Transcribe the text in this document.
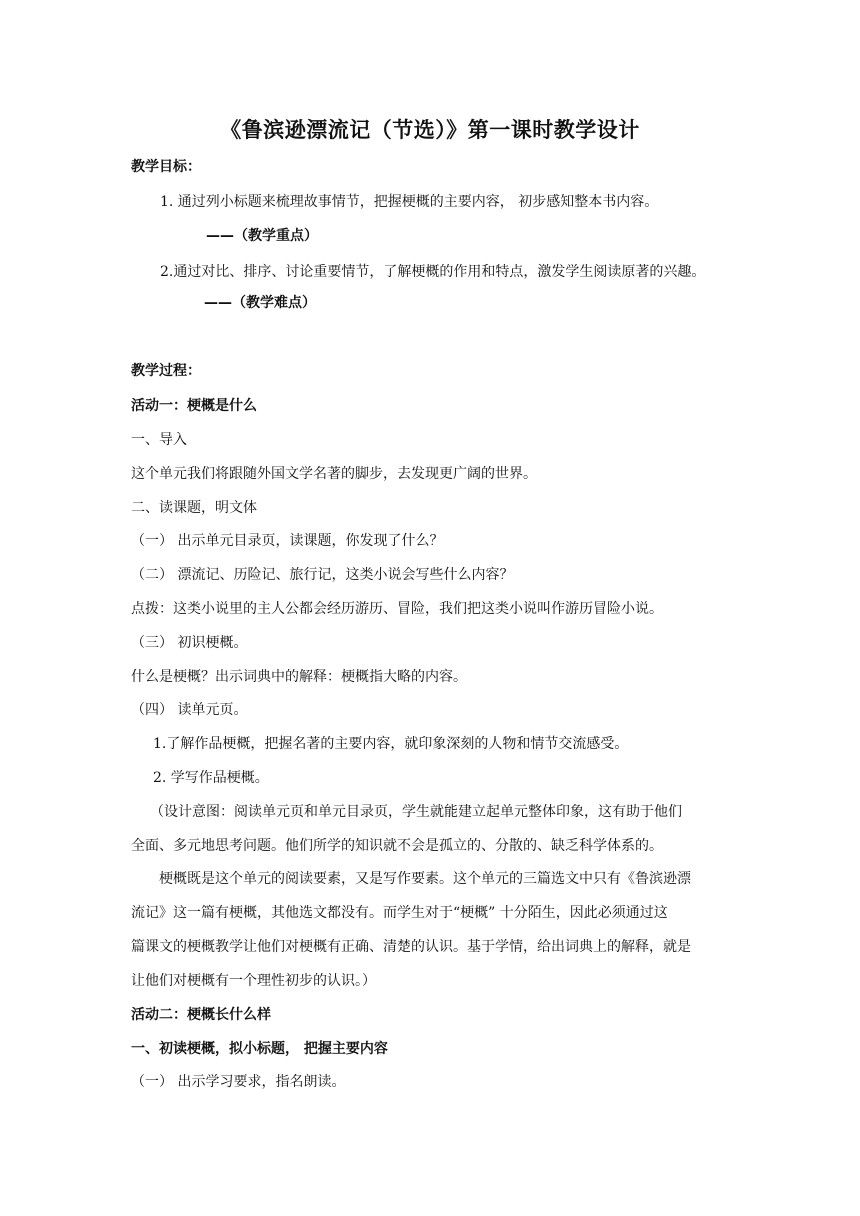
《鲁滨逊漂流记（节选）》第一课时教学设计
教学目标：
1. 通过列小标题来梳理故事情节，把握梗概的主要内容， 初步感知整本书内容。
——（教学重点）
2.通过对比、排序、讨论重要情节，了解梗概的作用和特点，激发学生阅读原著的兴趣。
——（教学难点）
教学过程：
活动一：梗概是什么
一、导入
这个单元我们将跟随外国文学名著的脚步，去发现更广阔的世界。
二、读课题，明文体
（一） 出示单元目录页，读课题，你发现了什么？
（二） 漂流记、历险记、旅行记，这类小说会写些什么内容？
点拨：这类小说里的主人公都会经历游历、冒险，我们把这类小说叫作游历冒险小说。
（三） 初识梗概。
什么是梗概？出示词典中的解释：梗概指大略的内容。
（四） 读单元页。
1.了解作品梗概，把握名著的主要内容，就印象深刻的人物和情节交流感受。
2. 学写作品梗概。
（设计意图：阅读单元页和单元目录页，学生就能建立起单元整体印象，这有助于他们
全面、多元地思考问题。他们所学的知识就不会是孤立的、分散的、缺乏科学体系的。
梗概既是这个单元的阅读要素，又是写作要素。这个单元的三篇选文中只有《鲁滨逊漂
流记》这一篇有梗概，其他选文都没有。而学生对于“梗概” 十分陌生，因此必须通过这
篇课文的梗概教学让他们对梗概有正确、清楚的认识。基于学情，给出词典上的解释，就是
让他们对梗概有一个理性初步的认识。）
活动二：梗概长什么样
一、初读梗概，拟小标题， 把握主要内容
（一） 出示学习要求，指名朗读。
